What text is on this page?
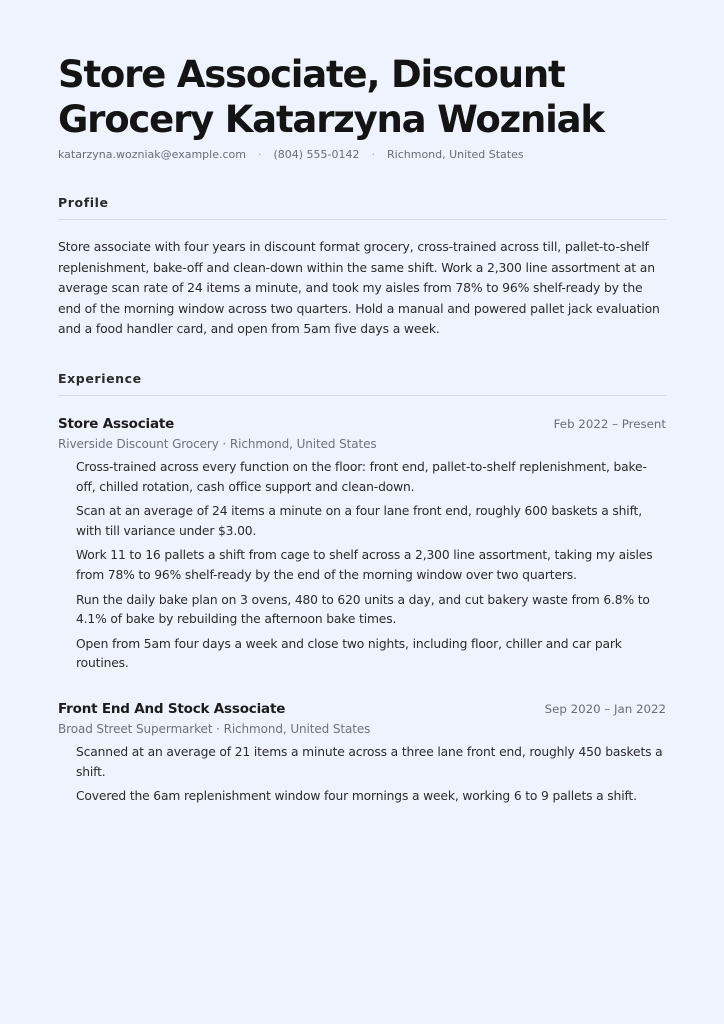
Store Associate, Discount Grocery Katarzyna Wozniak
katarzyna.wozniak@example.com · (804) 555-0142 · Richmond, United States
Profile

Store associate with four years in discount format grocery, cross-trained across till, pallet-to-shelf replenishment, bake-off and clean-down within the same shift. Work a 2,300 line assortment at an average scan rate of 24 items a minute, and took my aisles from 78% to 96% shelf-ready by the end of the morning window across two quarters. Hold a manual and powered pallet jack evaluation and a food handler card, and open from 5am five days a week.

Experience
Store Associate	Feb 2022 – Present
Riverside Discount Grocery · Richmond, United States
Cross-trained across every function on the floor: front end, pallet-to-shelf replenishment, bake-off, chilled rotation, cash office support and clean-down.
Scan at an average of 24 items a minute on a four lane front end, roughly 600 baskets a shift, with till variance under $3.00.
Work 11 to 16 pallets a shift from cage to shelf across a 2,300 line assortment, taking my aisles from 78% to 96% shelf-ready by the end of the morning window over two quarters.
Run the daily bake plan on 3 ovens, 480 to 620 units a day, and cut bakery waste from 6.8% to 4.1% of bake by rebuilding the afternoon bake times.
Open from 5am four days a week and close two nights, including floor, chiller and car park routines.
Front End And Stock Associate	Sep 2020 – Jan 2022
Broad Street Supermarket · Richmond, United States
Scanned at an average of 21 items a minute across a three lane front end, roughly 450 baskets a shift.
Covered the 6am replenishment window four mornings a week, working 6 to 9 pallets a shift.
